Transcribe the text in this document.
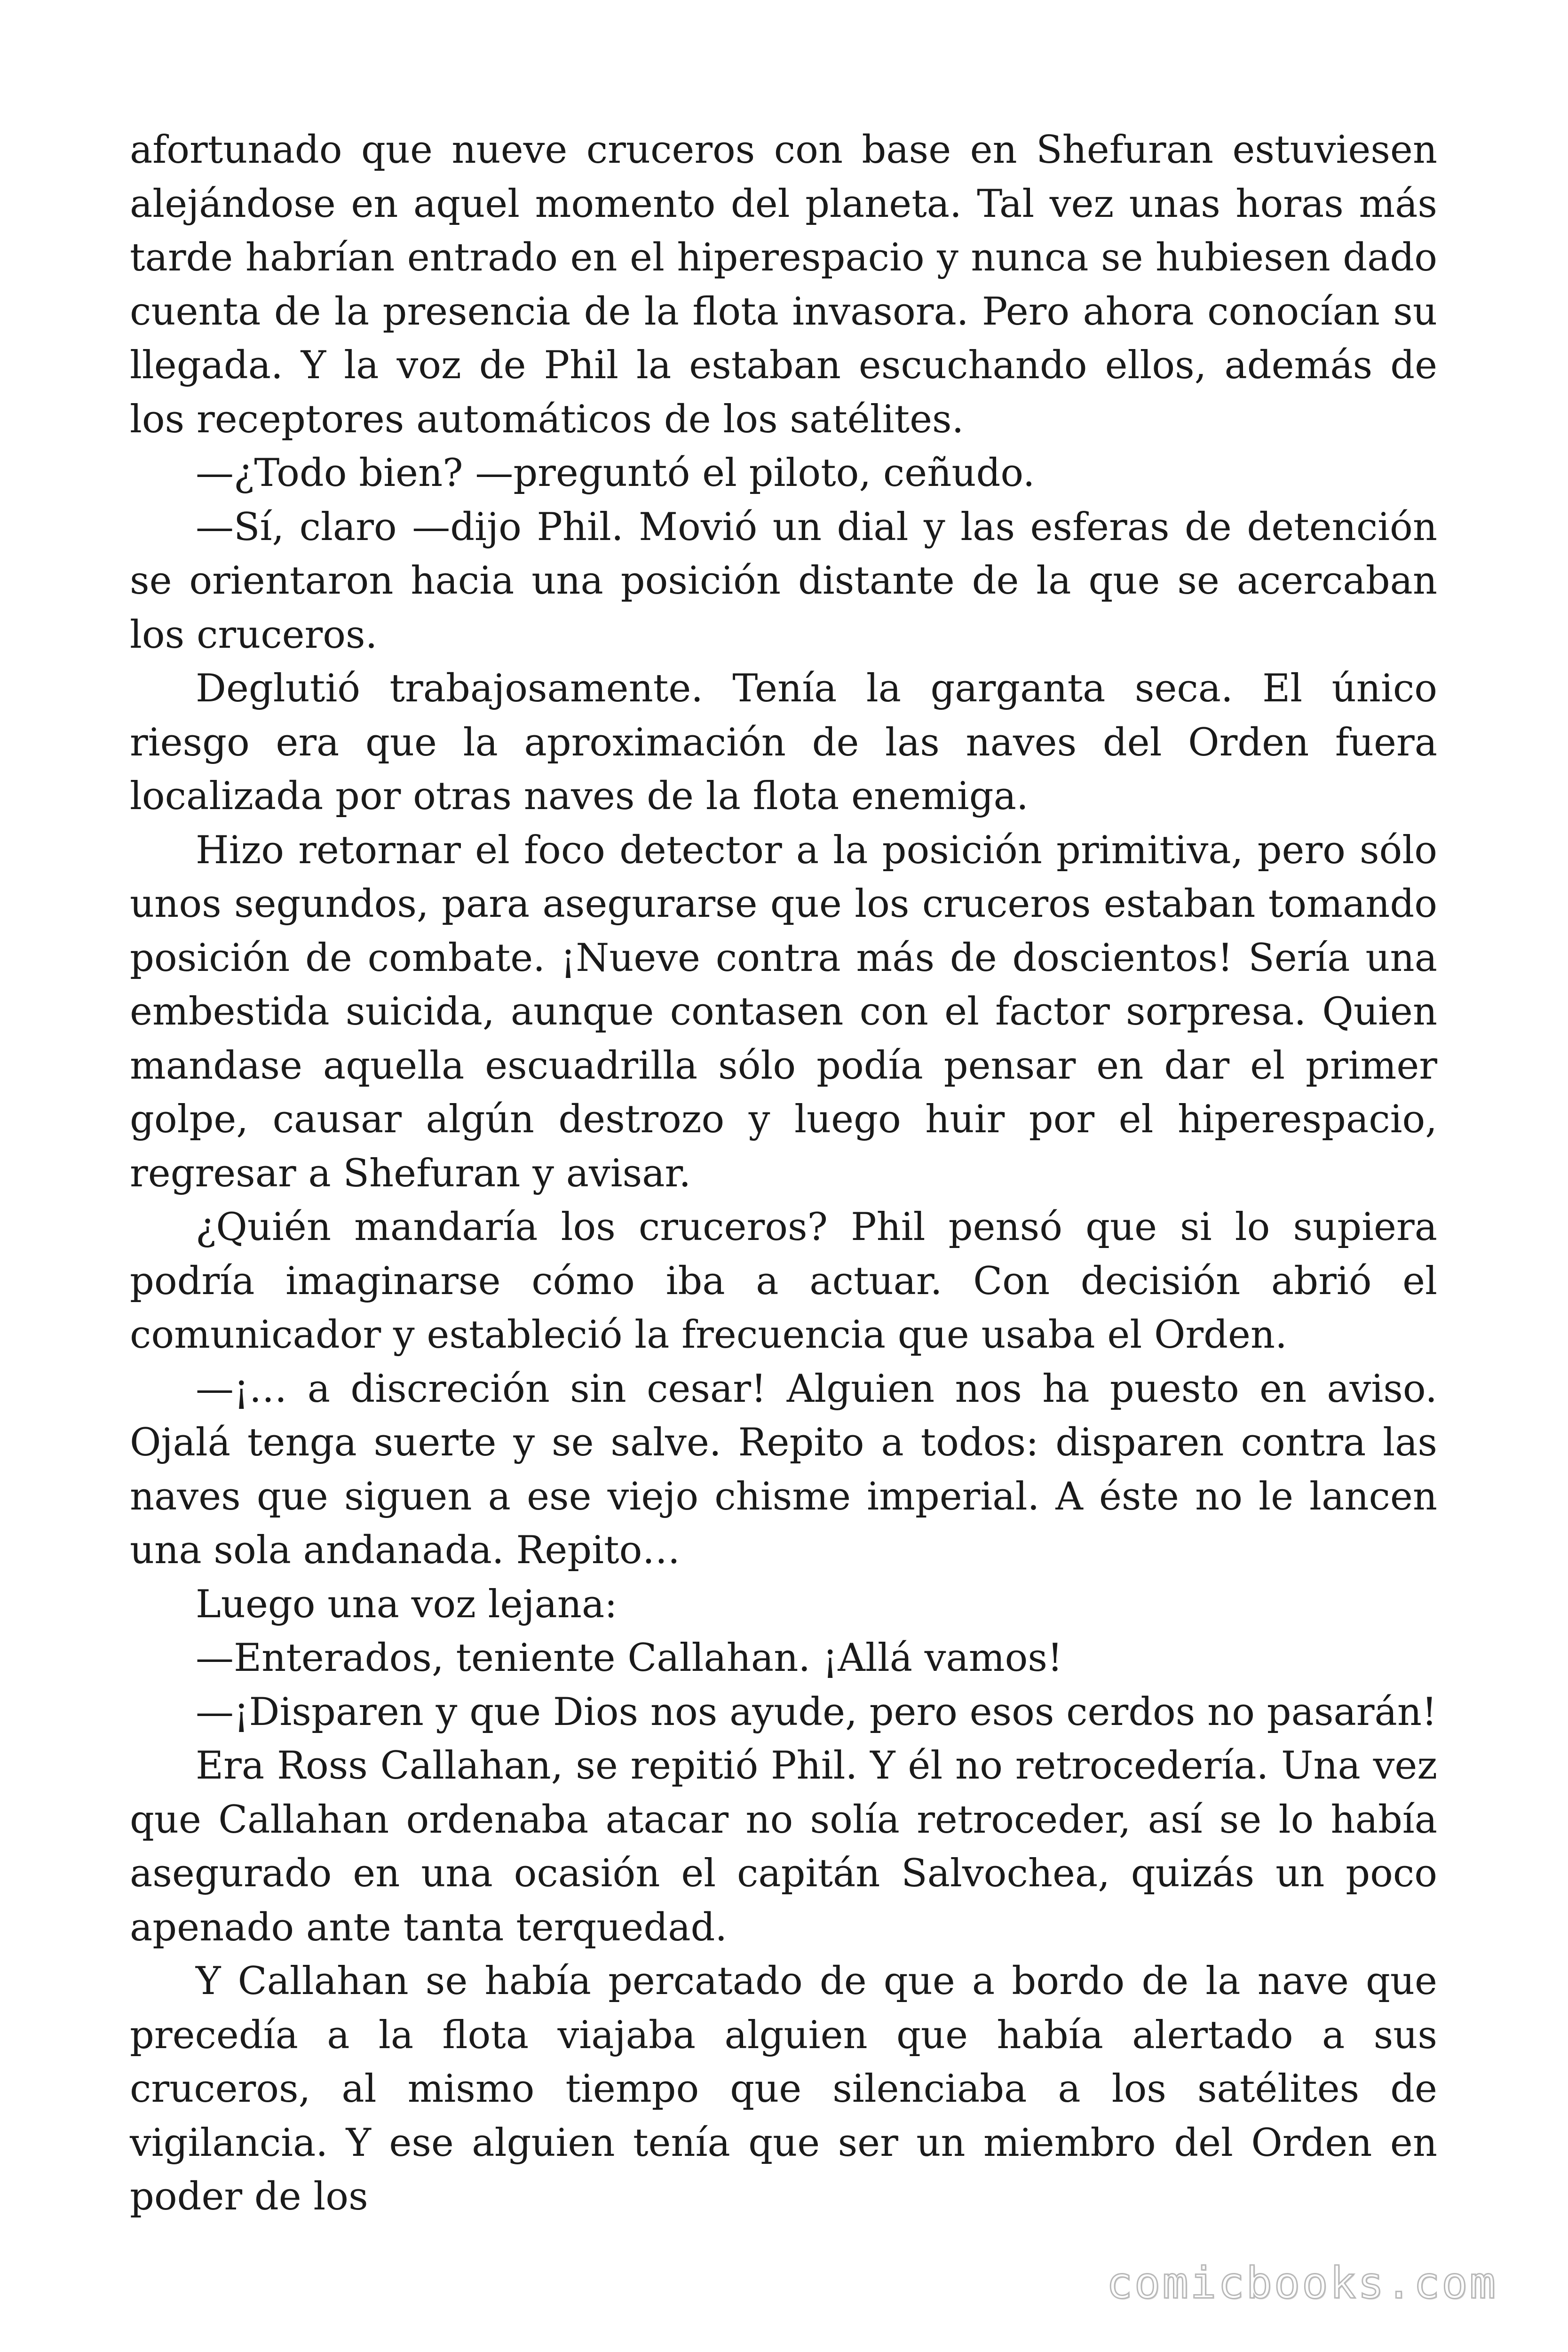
afortunado que nueve cruceros con base en Shefuran estuviesen alejándose en aquel momento del planeta. Tal vez unas horas más tarde habrían entrado en el hiperespacio y nunca se hubiesen dado cuenta de la presencia de la flota invasora. Pero ahora conocían su llegada. Y la voz de Phil la estaban escuchando ellos, además de los receptores automáticos de los satélites.

—¿Todo bien? —preguntó el piloto, ceñudo.

—Sí, claro —dijo Phil. Movió un dial y las esferas de detención se orientaron hacia una posición distante de la que se acercaban los cruceros.

Deglutió trabajosamente. Tenía la garganta seca. El único riesgo era que la aproximación de las naves del Orden fuera localizada por otras naves de la flota enemiga.

Hizo retornar el foco detector a la posición primitiva, pero sólo unos segundos, para asegurarse que los cruceros estaban tomando posición de combate. ¡Nueve contra más de doscientos! Sería una embestida suicida, aunque contasen con el factor sorpresa. Quien mandase aquella escuadrilla sólo podía pensar en dar el primer golpe, causar algún destrozo y luego huir por el hiperespacio, regresar a Shefuran y avisar.

¿Quién mandaría los cruceros? Phil pensó que si lo supiera podría imaginarse cómo iba a actuar. Con decisión abrió el comunicador y estableció la frecuencia que usaba el Orden.

—¡… a discreción sin cesar! Alguien nos ha puesto en aviso. Ojalá tenga suerte y se salve. Repito a todos: disparen contra las naves que siguen a ese viejo chisme imperial. A éste no le lancen una sola andanada. Repito…

Luego una voz lejana:

—Enterados, teniente Callahan. ¡Allá vamos!

—¡Disparen y que Dios nos ayude, pero esos cerdos no pasarán!

Era Ross Callahan, se repitió Phil. Y él no retrocedería. Una vez que Callahan ordenaba atacar no solía retroceder, así se lo había asegurado en una ocasión el capitán Salvochea, quizás un poco apenado ante tanta terquedad.

Y Callahan se había percatado de que a bordo de la nave que precedía a la flota viajaba alguien que había alertado a sus cruceros, al mismo tiempo que silenciaba a los satélites de vigilancia. Y ese alguien tenía que ser un miembro del Orden en poder de los

comicbooks.com
